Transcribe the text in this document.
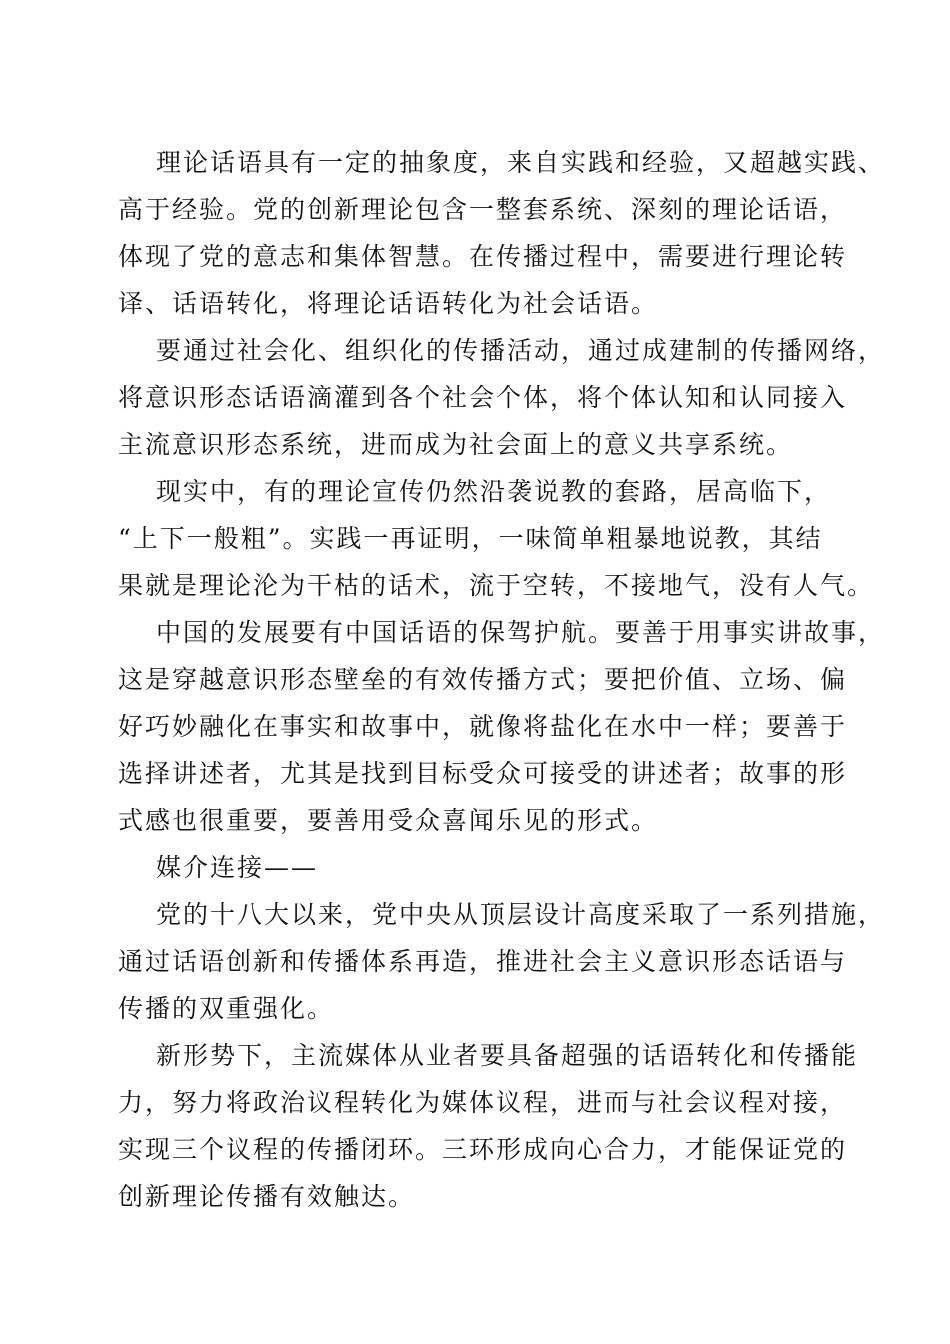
理论话语具有一定的抽象度，来自实践和经验，又超越实践、
高于经验。党的创新理论包含一整套系统、深刻的理论话语，
体现了党的意志和集体智慧。在传播过程中，需要进行理论转
译、话语转化，将理论话语转化为社会话语。
要通过社会化、组织化的传播活动，通过成建制的传播网络，
将意识形态话语滴灌到各个社会个体，将个体认知和认同接入
主流意识形态系统，进而成为社会面上的意义共享系统。
现实中，有的理论宣传仍然沿袭说教的套路，居高临下，
“上下一般粗”。实践一再证明，一味简单粗暴地说教，其结
果就是理论沦为干枯的话术，流于空转，不接地气，没有人气。
中国的发展要有中国话语的保驾护航。要善于用事实讲故事，
这是穿越意识形态壁垒的有效传播方式；要把价值、立场、偏
好巧妙融化在事实和故事中，就像将盐化在水中一样；要善于
选择讲述者，尤其是找到目标受众可接受的讲述者；故事的形
式感也很重要，要善用受众喜闻乐见的形式。
媒介连接——
党的十八大以来，党中央从顶层设计高度采取了一系列措施，
通过话语创新和传播体系再造，推进社会主义意识形态话语与
传播的双重强化。
新形势下，主流媒体从业者要具备超强的话语转化和传播能
力，努力将政治议程转化为媒体议程，进而与社会议程对接，
实现三个议程的传播闭环。三环形成向心合力，才能保证党的
创新理论传播有效触达。
